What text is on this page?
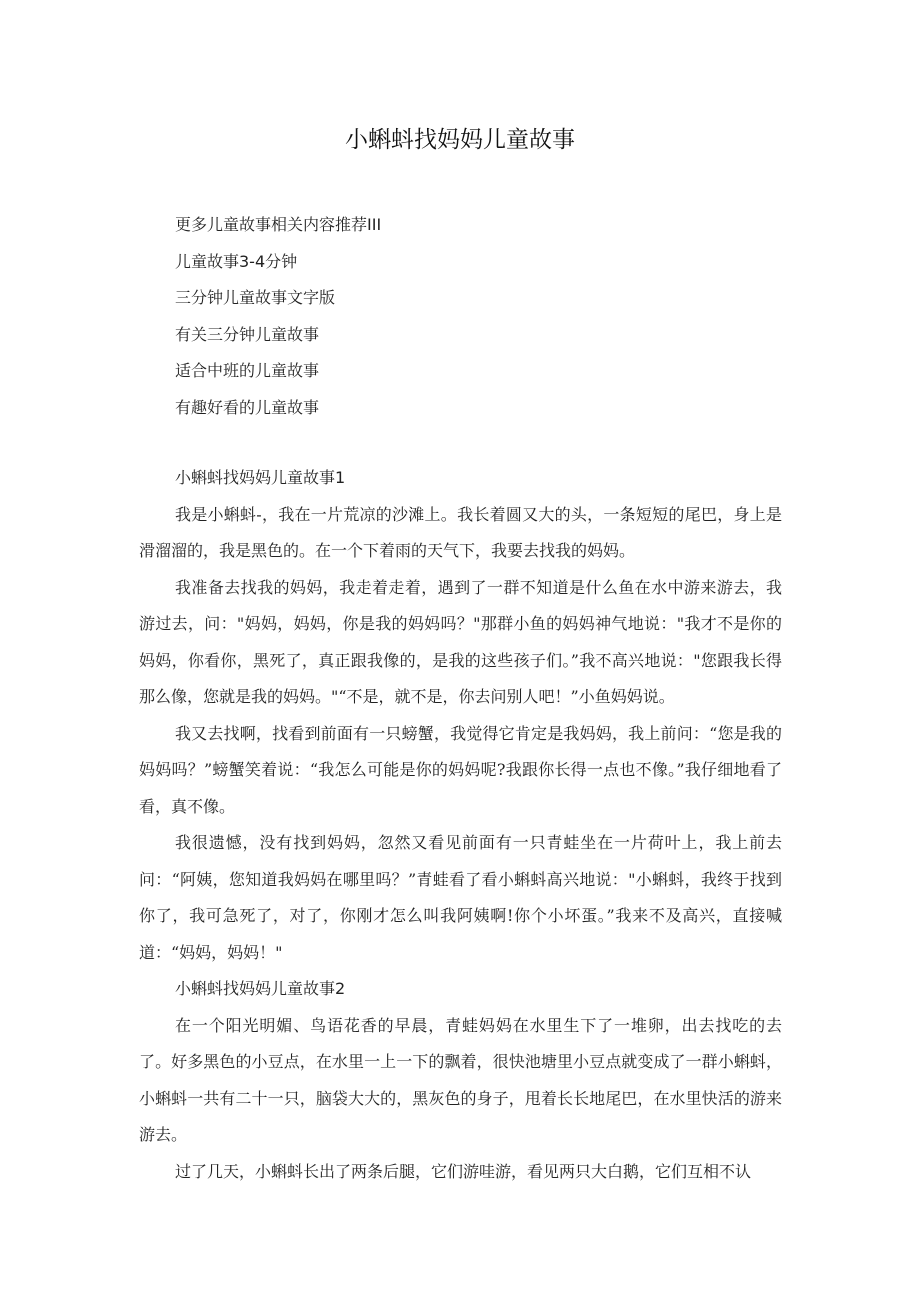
小蝌蚪找妈妈儿童故事
更多儿童故事相关内容推荐III
儿童故事3-4分钟
三分钟儿童故事文字版
有关三分钟儿童故事
适合中班的儿童故事
有趣好看的儿童故事

小蝌蚪找妈妈儿童故事1

我是小蝌蚪-，我在一片荒凉的沙滩上。我长着圆又大的头，一条短短的尾巴，身上是滑溜溜的，我是黑色的。在一个下着雨的天气下，我要去找我的妈妈。

我准备去找我的妈妈，我走着走着，遇到了一群不知道是什么鱼在水中游来游去，我游过去，问："妈妈，妈妈，你是我的妈妈吗？"那群小鱼的妈妈神气地说："我才不是你的妈妈，你看你，黑死了，真正跟我像的，是我的这些孩子们。”我不高兴地说："您跟我长得那么像，您就是我的妈妈。"“不是，就不是，你去问别人吧！”小鱼妈妈说。

我又去找啊，找看到前面有一只螃蟹，我觉得它肯定是我妈妈，我上前问：“您是我的妈妈吗？”螃蟹笑着说：“我怎么可能是你的妈妈呢?我跟你长得一点也不像。”我仔细地看了看，真不像。

我很遗憾，没有找到妈妈，忽然又看见前面有一只青蛙坐在一片荷叶上，我上前去问：“阿姨，您知道我妈妈在哪里吗？”青蛙看了看小蝌蚪高兴地说："小蝌蚪，我终于找到你了，我可急死了，对了，你刚才怎么叫我阿姨啊!你个小坏蛋。”我来不及高兴，直接喊道：“妈妈，妈妈！"

小蝌蚪找妈妈儿童故事2

在一个阳光明媚、鸟语花香的早晨，青蛙妈妈在水里生下了一堆卵，出去找吃的去了。好多黑色的小豆点，在水里一上一下的飘着，很快池塘里小豆点就变成了一群小蝌蚪，小蝌蚪一共有二十一只，脑袋大大的，黑灰色的身子，甩着长长地尾巴，在水里快活的游来游去。

过了几天，小蝌蚪长出了两条后腿，它们游哇游，看见两只大白鹅，它们互相不认
